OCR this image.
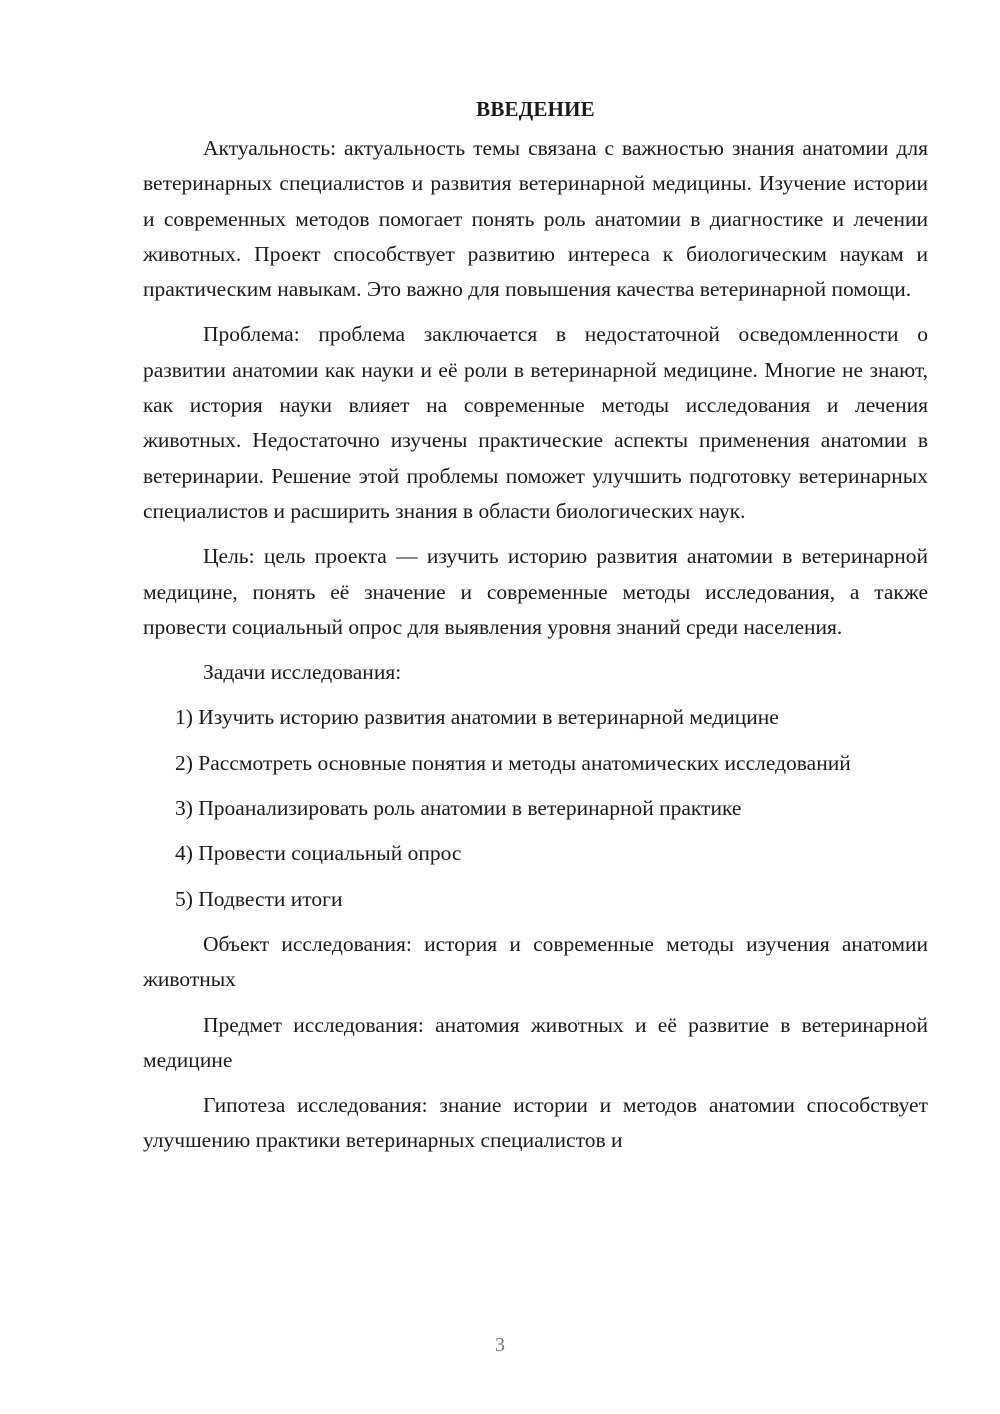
ВВЕДЕНИЕ

Актуальность: актуальность темы связана с важностью знания анатомии для ветеринарных специалистов и развития ветеринарной медицины. Изучение истории и современных методов помогает понять роль анатомии в диагностике и лечении животных. Проект способствует развитию интереса к биологическим наукам и практическим навыкам. Это важно для повышения качества ветеринарной помощи.

Проблема: проблема заключается в недостаточной осведомленности о развитии анатомии как науки и её роли в ветеринарной медицине. Многие не знают, как история науки влияет на современные методы исследования и лечения животных. Недостаточно изучены практические аспекты применения анатомии в ветеринарии. Решение этой проблемы поможет улучшить подготовку ветеринарных специалистов и расширить знания в области биологических наук.

Цель: цель проекта — изучить историю развития анатомии в ветеринарной медицине, понять её значение и современные методы исследования, а также провести социальный опрос для выявления уровня знаний среди населения.

Задачи исследования:

1) Изучить историю развития анатомии в ветеринарной медицине

2) Рассмотреть основные понятия и методы анатомических исследований

3) Проанализировать роль анатомии в ветеринарной практике

4) Провести социальный опрос

5) Подвести итоги

Объект исследования: история и современные методы изучения анатомии животных

Предмет исследования: анатомия животных и её развитие в ветеринарной медицине

Гипотеза исследования: знание истории и методов анатомии способствует улучшению практики ветеринарных специалистов и

3
